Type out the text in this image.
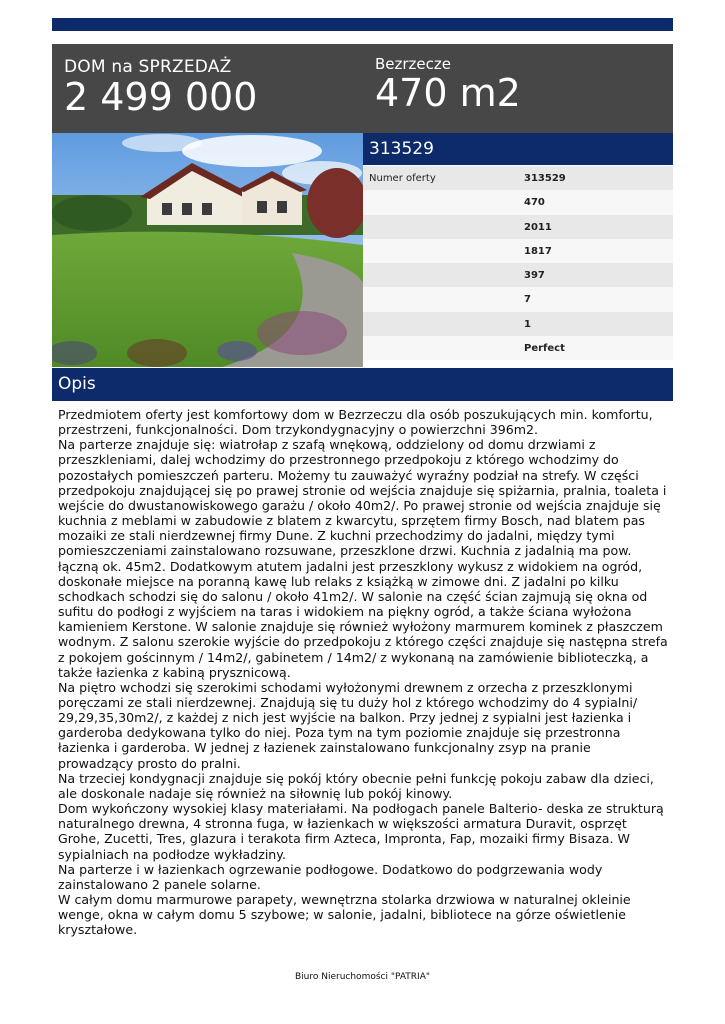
DOM na SPRZEDAŻ
2 499 000
Bezrzecze
470 m2
313529
Numer oferty	313529
470
2011
1817
397
7
1
Perfect
Opis
Przedmiotem oferty jest komfortowy dom w Bezrzeczu dla osób poszukujących min. komfortu, przestrzeni, funkcjonalności. Dom trzykondygnacyjny o powierzchni 396m2.
Na parterze znajduje się: wiatrołap z szafą wnękową, oddzielony od domu drzwiami z przeszkleniami, dalej wchodzimy do przestronnego przedpokoju z którego wchodzimy do pozostałych pomieszczeń parteru. Możemy tu zauważyć wyraźny podział na strefy. W części przedpokoju znajdującej się po prawej stronie od wejścia znajduje się spiżarnia, pralnia, toaleta i wejście do dwustanowiskowego garażu / około 40m2/. Po prawej stronie od wejścia znajduje się kuchnia z meblami w zabudowie z blatem z kwarcytu, sprzętem firmy Bosch, nad blatem pas mozaiki ze stali nierdzewnej firmy Dune. Z kuchni przechodzimy do jadalni, między tymi pomieszczeniami zainstalowano rozsuwane, przeszklone drzwi. Kuchnia z jadalnią ma pow. łączną ok. 45m2. Dodatkowym atutem jadalni jest przeszklony wykusz z widokiem na ogród, doskonałe miejsce na poranną kawę lub relaks z książką w zimowe dni. Z jadalni po kilku schodkach schodzi się do salonu / około 41m2/. W salonie na część ścian zajmują się okna od sufitu do podłogi z wyjściem na taras i widokiem na piękny ogród, a także ściana wyłożona kamieniem Kerstone. W salonie znajduje się również wyłożony marmurem kominek z płaszczem wodnym. Z salonu szerokie wyjście do przedpokoju z którego części znajduje się następna strefa z pokojem gościnnym / 14m2/, gabinetem / 14m2/ z wykonaną na zamówienie biblioteczką, a także łazienka z kabiną prysznicową.
Na piętro wchodzi się szerokimi schodami wyłożonymi drewnem z orzecha z przeszklonymi poręczami ze stali nierdzewnej. Znajdują się tu duży hol z którego wchodzimy do 4 sypialni/ 29,29,35,30m2/, z każdej z nich jest wyjście na balkon. Przy jednej z sypialni jest łazienka i garderoba dedykowana tylko do niej. Poza tym na tym poziomie znajduje się przestronna łazienka i garderoba. W jednej z łazienek zainstalowano funkcjonalny zsyp na pranie prowadzący prosto do pralni.
Na trzeciej kondygnacji znajduje się pokój który obecnie pełni funkcję pokoju zabaw dla dzieci, ale doskonale nadaje się również na siłownię lub pokój kinowy.
Dom wykończony wysokiej klasy materiałami. Na podłogach panele Balterio- deska ze strukturą naturalnego drewna, 4 stronna fuga, w łazienkach w większości armatura Duravit, osprzęt Grohe, Zucetti, Tres, glazura i terakota firm Azteca, Impronta, Fap, mozaiki firmy Bisaza. W sypialniach na podłodze wykładziny.
Na parterze i w łazienkach ogrzewanie podłogowe. Dodatkowo do podgrzewania wody zainstalowano 2 panele solarne.
W całym domu marmurowe parapety, wewnętrzna stolarka drzwiowa w naturalnej okleinie wenge, okna w całym domu 5 szybowe; w salonie, jadalni, bibliotece na górze oświetlenie kryształowe.
Biuro Nieruchomości "PATRIA"
